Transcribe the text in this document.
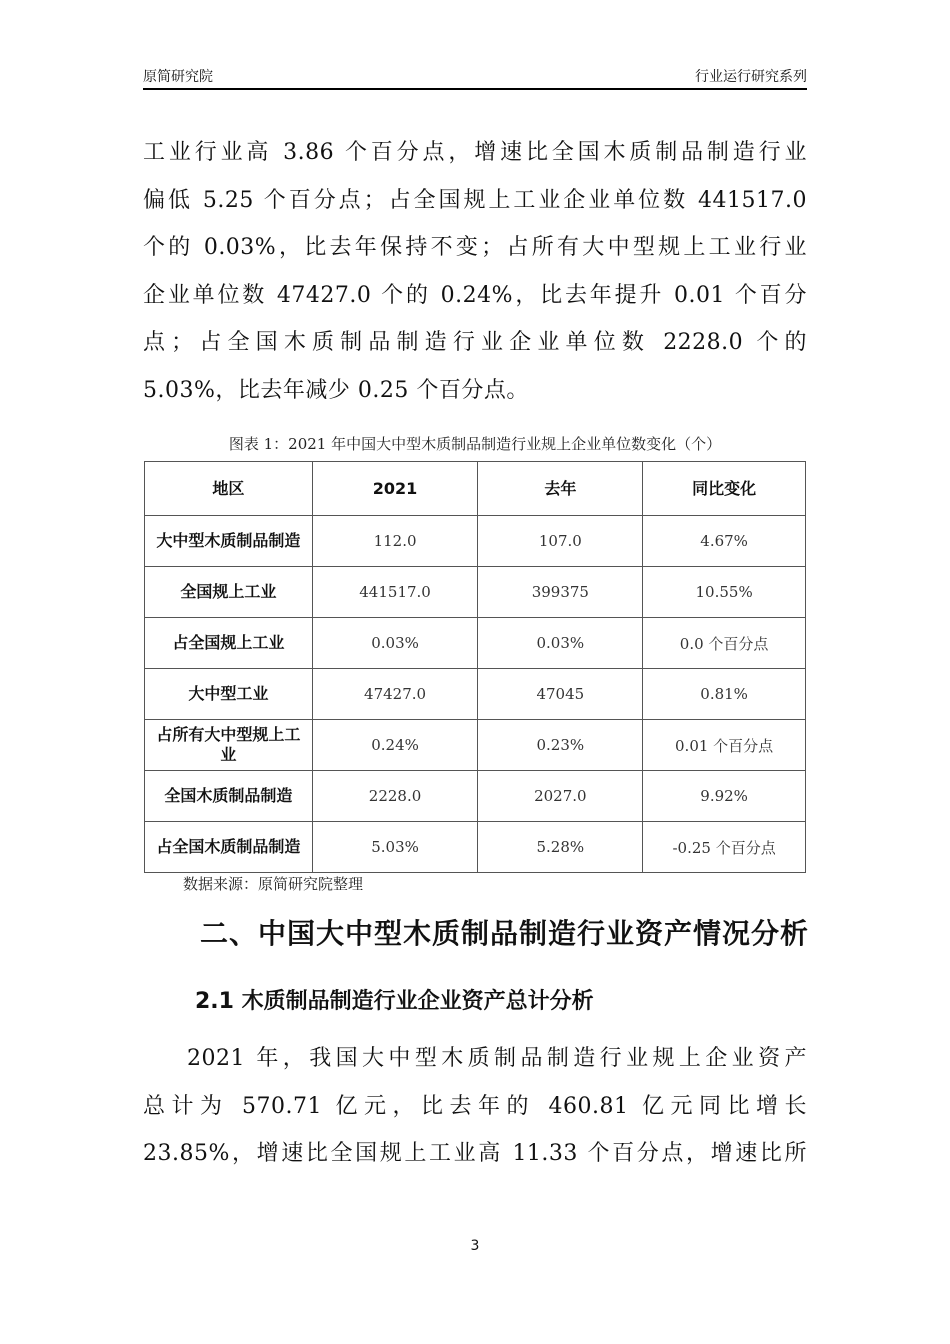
原简研究院	行业运行研究系列
工业行业高 3.86 个百分点，增速比全国木质制品制造行业
偏低 5.25 个百分点；占全国规上工业企业单位数 441517.0
个的 0.03%，比去年保持不变；占所有大中型规上工业行业
企业单位数 47427.0 个的 0.24%，比去年提升 0.01 个百分
点；占全国木质制品制造行业企业单位数 2228.0 个的
5.03%，比去年减少 0.25 个百分点。
图表 1：2021 年中国大中型木质制品制造行业规上企业单位数变化（个）
地区	2021	去年	同比变化
大中型木质制品制造	112.0	107.0	4.67%
全国规上工业	441517.0	399375	10.55%
占全国规上工业	0.03%	0.03%	0.0 个百分点
大中型工业	47427.0	47045	0.81%
占所有大中型规上工业	0.24%	0.23%	0.01 个百分点
全国木质制品制造	2228.0	2027.0	9.92%
占全国木质制品制造	5.03%	5.28%	-0.25 个百分点
数据来源：原简研究院整理
二、中国大中型木质制品制造行业资产情况分析
2.1 木质制品制造行业企业资产总计分析
2021 年，我国大中型木质制品制造行业规上企业资产
总计为 570.71 亿元，比去年的 460.81 亿元同比增长
23.85%，增速比全国规上工业高 11.33 个百分点，增速比所
3
